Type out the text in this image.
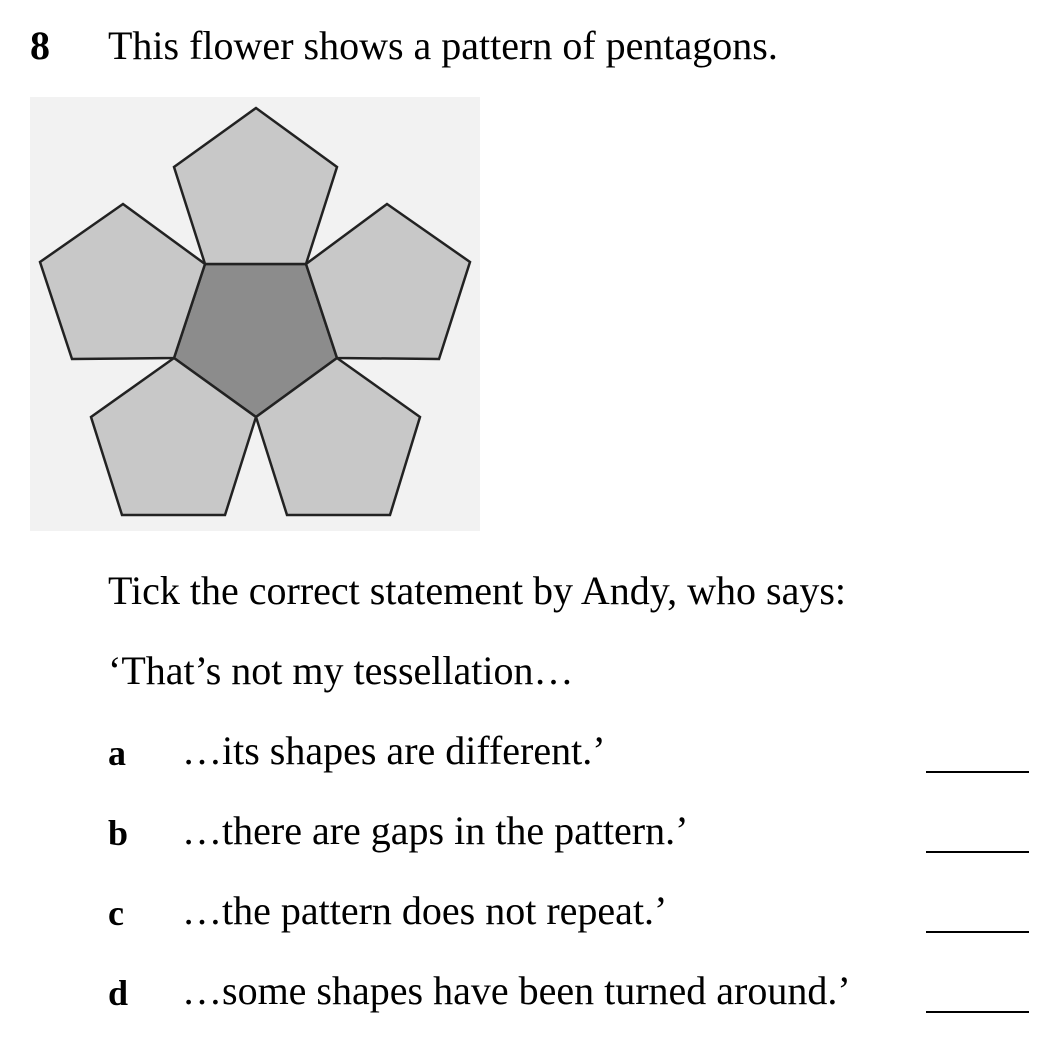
8 This flower shows a pattern of pentagons.
Tick the correct statement by Andy, who says:
‘That’s not my tessellation…
a …its shapes are different.’
b …there are gaps in the pattern.’
c …the pattern does not repeat.’
d …some shapes have been turned around.’
